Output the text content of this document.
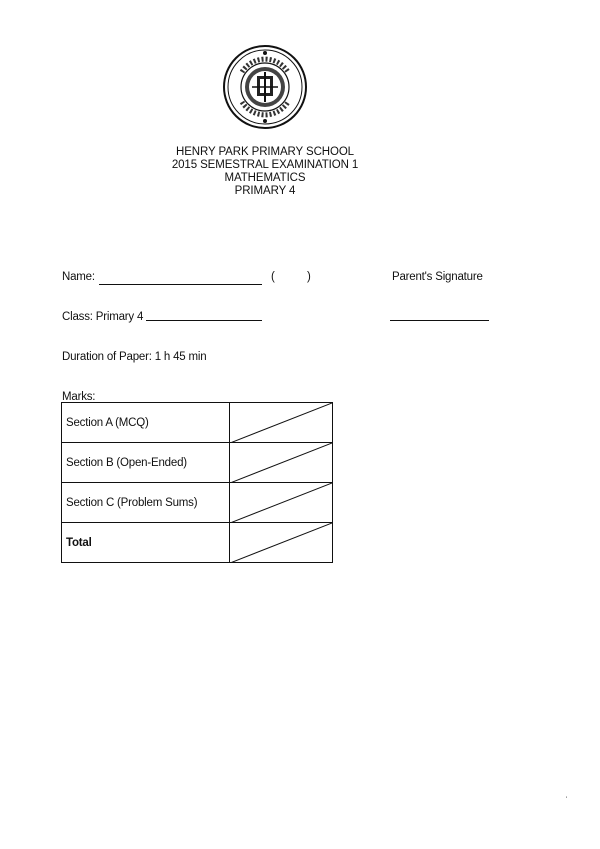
HENRY PARK PRIMARY SCHOOL
2015 SEMESTRAL EXAMINATION 1
MATHEMATICS
PRIMARY 4
Name:	(	)	Parent's Signature
Class: Primary 4
Duration of Paper: 1 h 45 min
Marks:
Section A (MCQ)	

Section B (Open-Ended)	

Section C (Problem Sums)	

Total	
'
